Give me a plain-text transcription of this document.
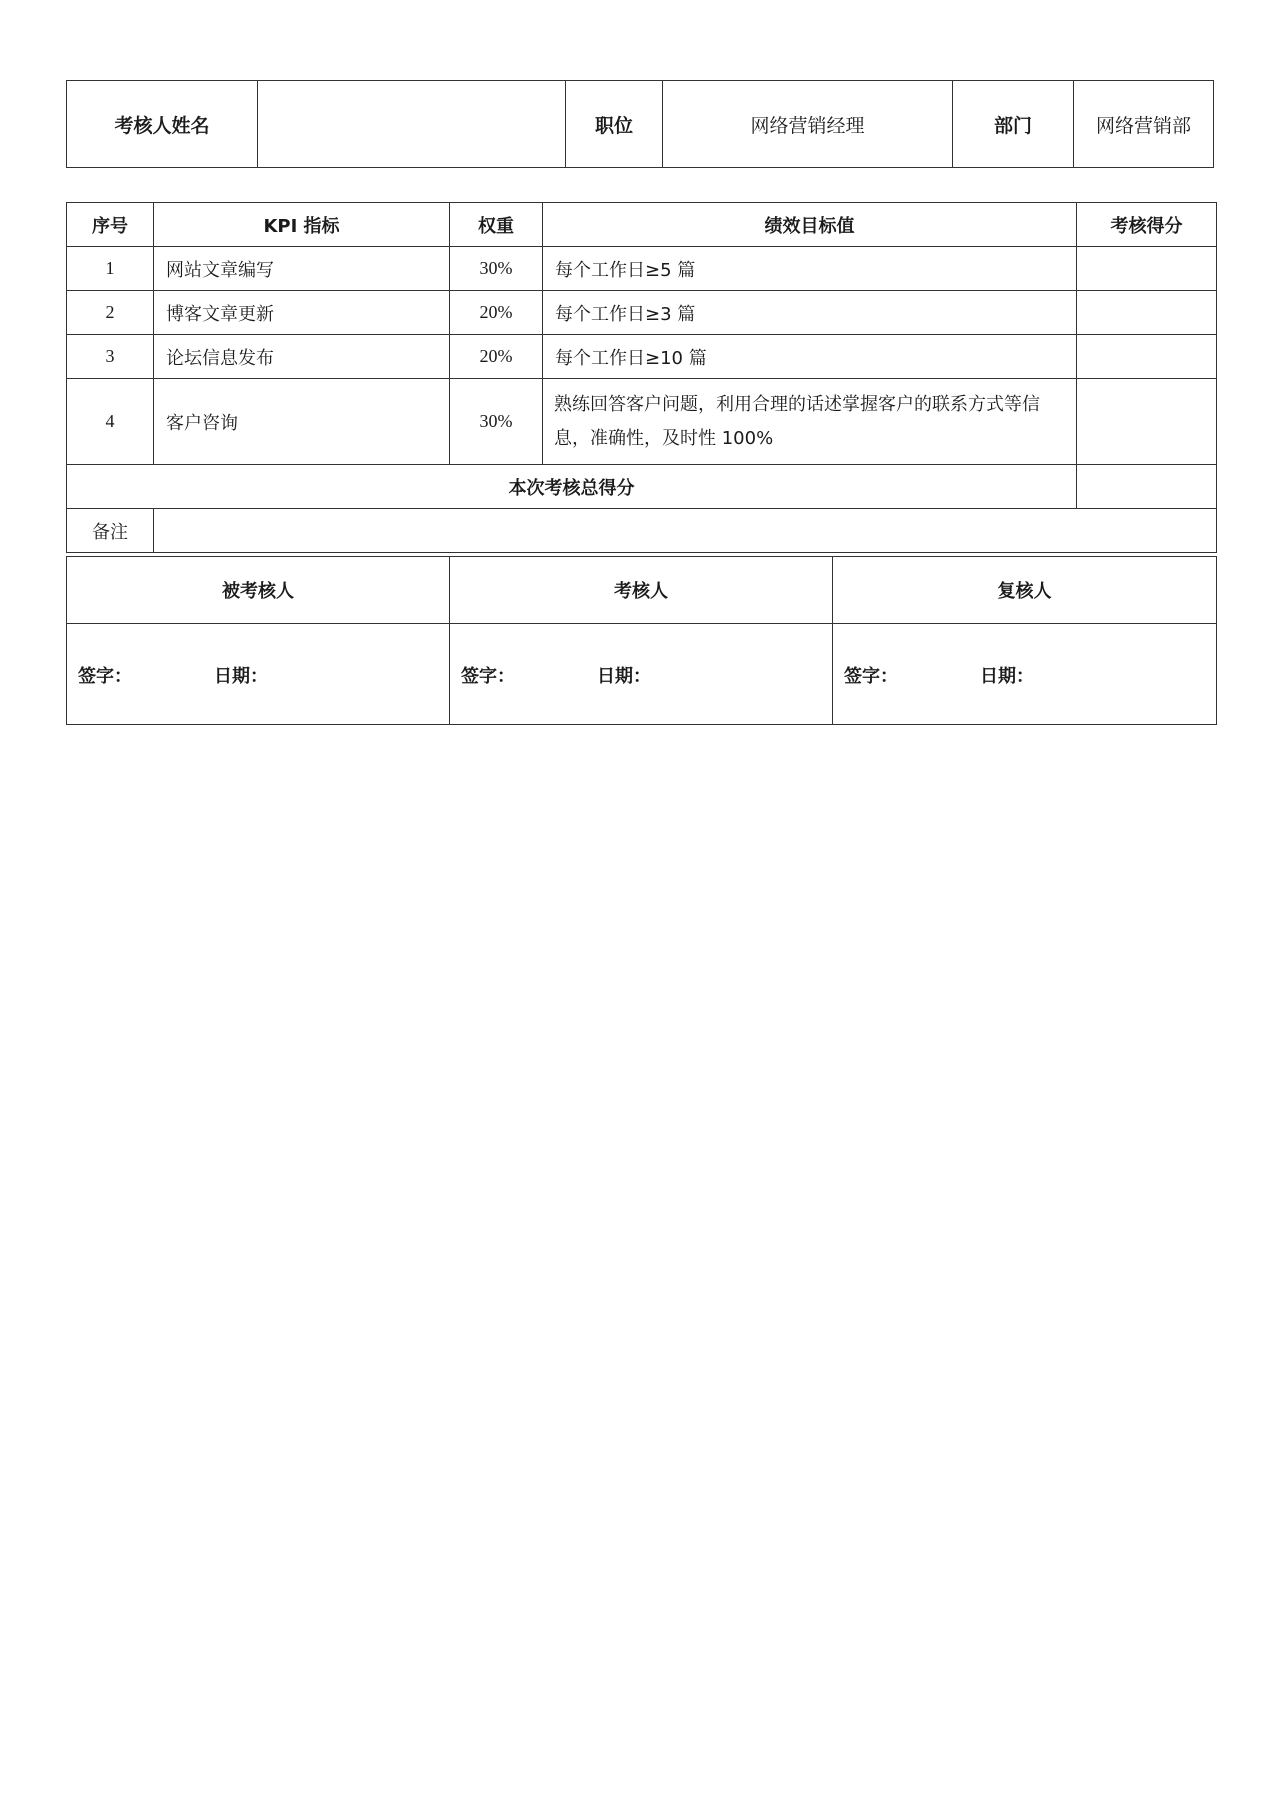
考核人姓名		职位	网络营销经理	部门	网络营销部
序号	KPI 指标	权重	绩效目标值	考核得分
1	网站文章编写	30%	每个工作日≥5 篇	
2	博客文章更新	20%	每个工作日≥3 篇	
3	论坛信息发布	20%	每个工作日≥10 篇	
4	客户咨询	30%	熟练回答客户问题，利用合理的话述掌握客户的联系方式等信息，准确性，及时性 100%	
本次考核总得分				
备注				
被考核人	考核人	复核人

签字： 日期：	签字： 日期：	签字： 日期：
